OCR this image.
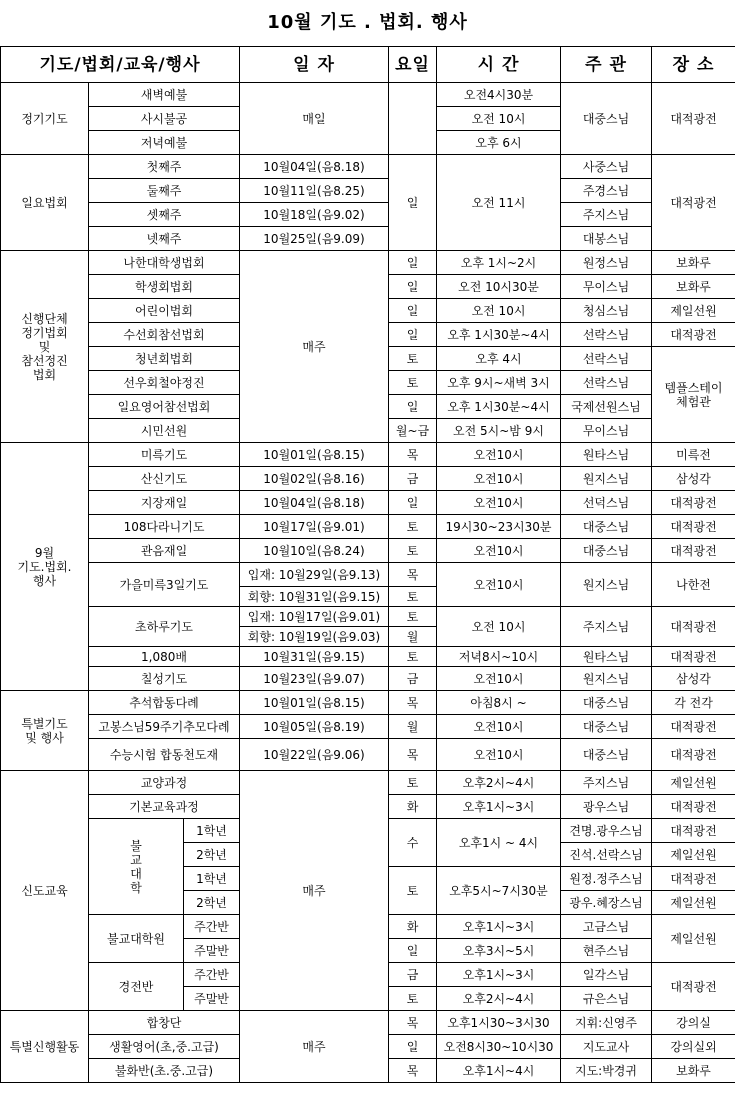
10월 기도 . 법회. 행사
기도/법회/교육/행사			일 자	요일	시 간	주 관	장 소
정기기도	새벽예불		매일		오전4시30분	대중스님	대적광전
	사시불공				오전 10시		
	저녁예불				오후 6시		
일요법회	첫째주		10월04일(음8.18)	일	오전 11시	사중스님	대적광전
	둘째주		10월11일(음8.25)			주경스님	
	셋째주		10월18일(음9.02)			주지스님	
	넷째주		10월25일(음9.09)			대봉스님	
신행단체
정기법회
및
참선정진
법회	나한대학생법회		매주	일	오후 1시~2시	원정스님	보화루
	학생회법회			일	오전 10시30분	무이스님	보화루
	어린이법회			일	오전 10시	청심스님	제일선원
	수선회참선법회			일	오후 1시30분~4시	선락스님	대적광전
	청년회법회			토	오후 4시	선락스님	템플스테이
체험관
	선우회철야정진			토	오후 9시~새벽 3시	선락스님	
	일요영어참선법회			일	오후 1시30분~4시	국제선원스님	
	시민선원			월~금	오전 5시~밤 9시	무이스님	
9월
기도.법회.
행사	미륵기도		10월01일(음8.15)	목	오전10시	원타스님	미륵전
	산신기도		10월02일(음8.16)	금	오전10시	원지스님	삼성각
	지장재일		10월04일(음8.18)	일	오전10시	선덕스님	대적광전
	108다라니기도		10월17일(음9.01)	토	19시30~23시30분	대중스님	대적광전
	관음재일		10월10일(음8.24)	토	오전10시	대중스님	대적광전
	가을미륵3일기도		입재: 10월29일(음9.13)	목	오전10시	원지스님	나한전
			회향: 10월31일(음9.15)	토			
	초하루기도		입재: 10월17일(음9.01)	토	오전 10시	주지스님	대적광전
			회향: 10월19일(음9.03)	월			
	1,080배		10월31일(음9.15)	토	저녁8시~10시	원타스님	대적광전
	칠성기도		10월23일(음9.07)	금	오전10시	원지스님	삼성각
특별기도
및 행사	추석합동다례		10월01일(음8.15)	목	아침8시 ~	대중스님	각 전각
	고봉스님59주기추모다례		10월05일(음8.19)	월	오전10시	대중스님	대적광전
	수능시험 합동천도재		10월22일(음9.06)	목	오전10시	대중스님	대적광전
신도교육	교양과정		매주	토	오후2시~4시	주지스님	제일선원
	기본교육과정			화	오후1시~3시	광우스님	대적광전
	불
교
대
학	1학년		수	오후1시 ~ 4시	견명.광우스님	대적광전
		2학년				진석.선락스님	제일선원
		1학년		토	오후5시~7시30분	원정.정주스님	대적광전
		2학년				광우.혜장스님	제일선원
	불교대학원	주간반		화	오후1시~3시	고금스님	제일선원
		주말반		일	오후3시~5시	현주스님	
	경전반	주간반		금	오후1시~3시	일각스님	대적광전
		주말반		토	오후2시~4시	규은스님	
특별신행활동	합창단		매주	목	오후1시30~3시30	지휘:신영주	강의실
	생활영어(초,중.고급)			일	오전8시30~10시30	지도교사	강의실외
	불화반(초.중.고급)			목	오후1시~4시	지도:박경귀	보화루
